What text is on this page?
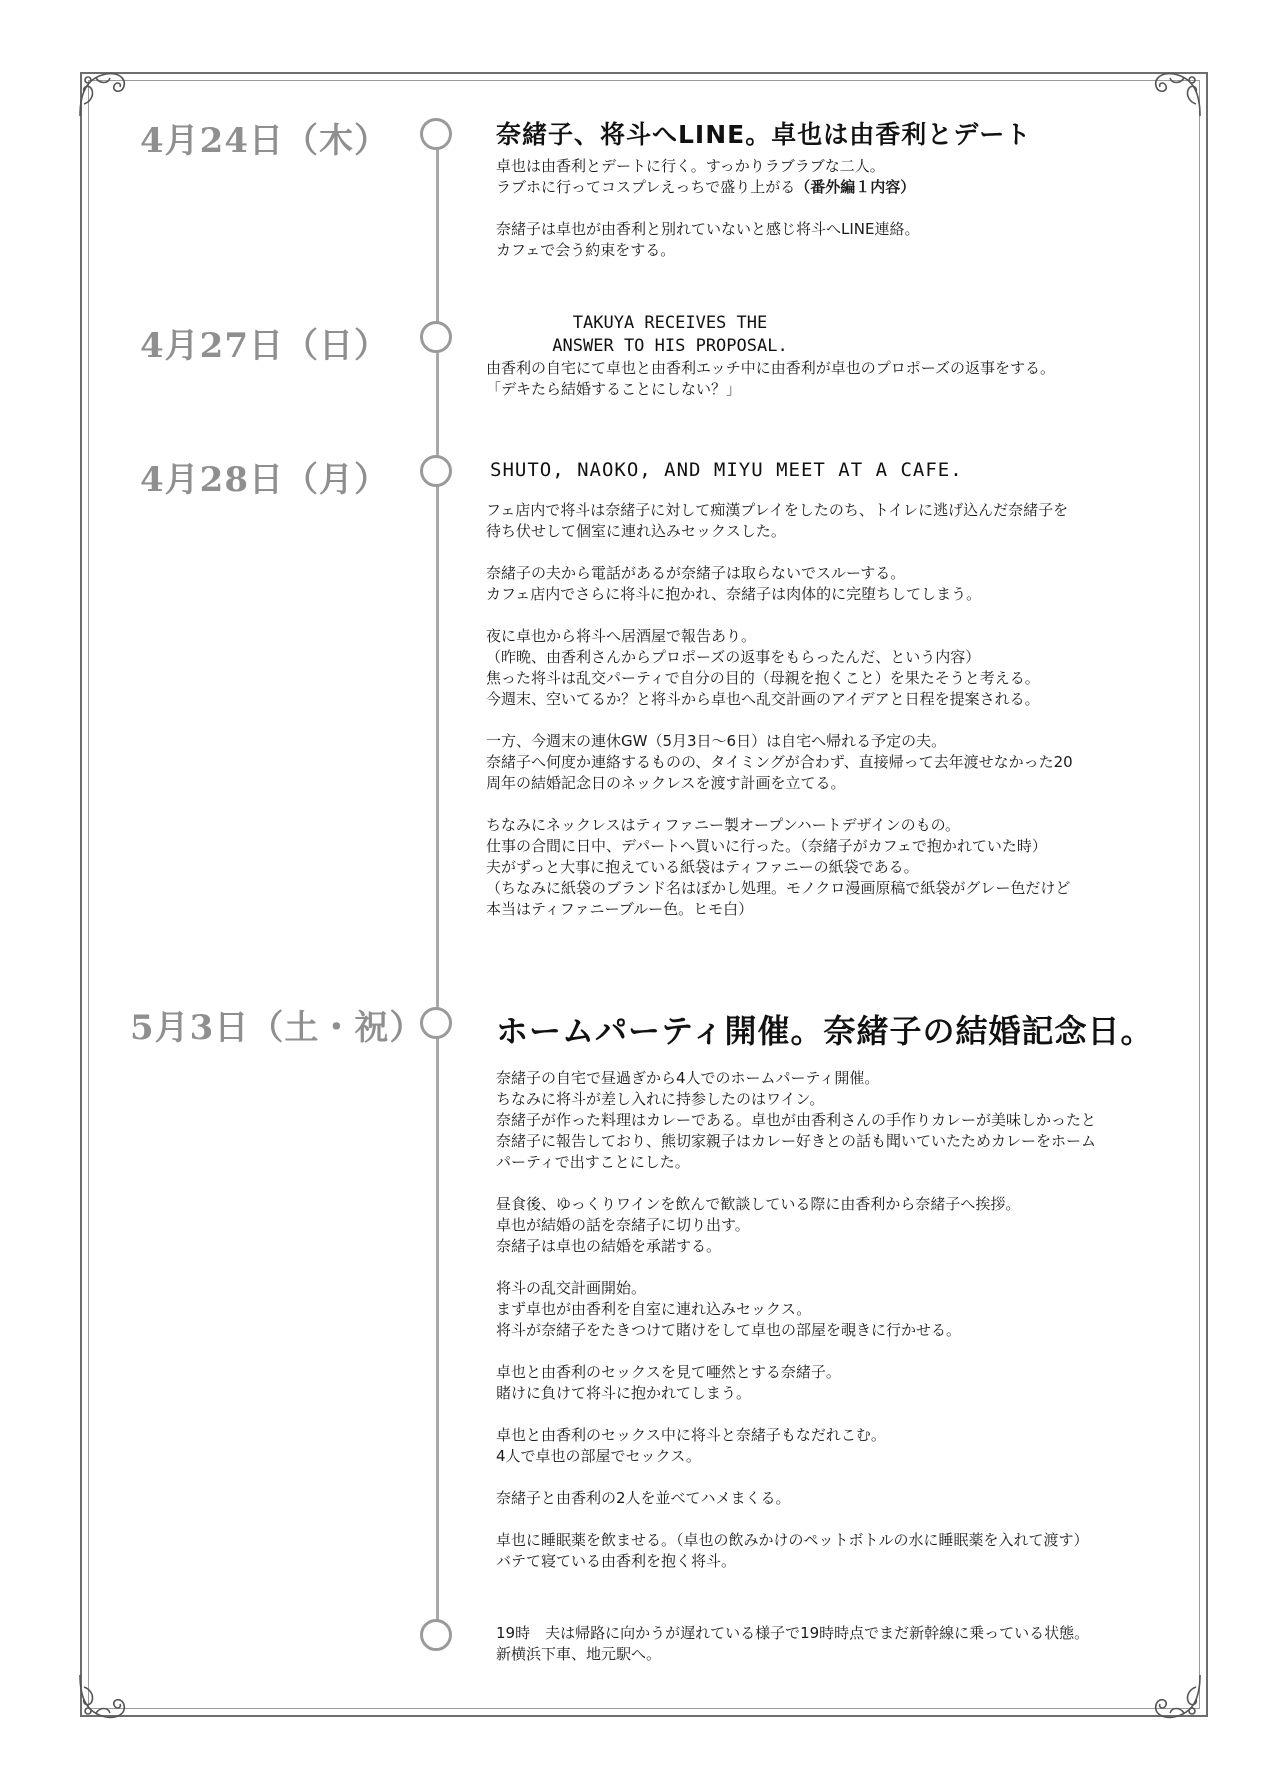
4月24日（木）	奈緒子、将斗へLINE。卓也は由香利とデート

卓也は由香利とデートに行く。すっかりラブラブな二人。

ラブホに行ってコスプレえっちで盛り上がる（番外編１内容）

奈緒子は卓也が由香利と別れていないと感じ将斗へLINE連絡。

カフェで会う約束をする。

4月27日（日）
TAKUYA RECEIVES THE
ANSWER TO HIS PROPOSAL.

由香利の自宅にて卓也と由香利エッチ中に由香利が卓也のプロポーズの返事をする。

「デキたら結婚することにしない？」

4月28日（月）	SHUTO, NAOKO, AND MIYU MEET AT A CAFE.

フェ店内で将斗は奈緒子に対して痴漢プレイをしたのち、トイレに逃げ込んだ奈緒子を

待ち伏せして個室に連れ込みセックスした。

奈緒子の夫から電話があるが奈緒子は取らないでスルーする。

カフェ店内でさらに将斗に抱かれ、奈緒子は肉体的に完堕ちしてしまう。

夜に卓也から将斗へ居酒屋で報告あり。

（昨晩、由香利さんからプロポーズの返事をもらったんだ、という内容）

焦った将斗は乱交パーティで自分の目的（母親を抱くこと）を果たそうと考える。

今週末、空いてるか？と将斗から卓也へ乱交計画のアイデアと日程を提案される。

一方、今週末の連休GW（5月3日〜6日）は自宅へ帰れる予定の夫。

奈緒子へ何度か連絡するものの、タイミングが合わず、直接帰って去年渡せなかった20

周年の結婚記念日のネックレスを渡す計画を立てる。

ちなみにネックレスはティファニー製オープンハートデザインのもの。

仕事の合間に日中、デパートへ買いに行った。（奈緒子がカフェで抱かれていた時）

夫がずっと大事に抱えている紙袋はティファニーの紙袋である。

（ちなみに紙袋のブランド名はぼかし処理。モノクロ漫画原稿で紙袋がグレー色だけど

本当はティファニーブルー色。ヒモ白）

5月3日（土・祝） ホームパーティ開催。奈緒子の結婚記念日。

奈緒子の自宅で昼過ぎから4人でのホームパーティ開催。

ちなみに将斗が差し入れに持参したのはワイン。

奈緒子が作った料理はカレーである。卓也が由香利さんの手作りカレーが美味しかったと

奈緒子に報告しており、熊切家親子はカレー好きとの話も聞いていたためカレーをホーム

パーティで出すことにした。

昼食後、ゆっくりワインを飲んで歓談している際に由香利から奈緒子へ挨拶。

卓也が結婚の話を奈緒子に切り出す。

奈緒子は卓也の結婚を承諾する。

将斗の乱交計画開始。

まず卓也が由香利を自室に連れ込みセックス。

将斗が奈緒子をたきつけて賭けをして卓也の部屋を覗きに行かせる。

卓也と由香利のセックスを見て唖然とする奈緒子。

賭けに負けて将斗に抱かれてしまう。

卓也と由香利のセックス中に将斗と奈緒子もなだれこむ。

4人で卓也の部屋でセックス。

奈緒子と由香利の2人を並べてハメまくる。

卓也に睡眠薬を飲ませる。（卓也の飲みかけのペットボトルの水に睡眠薬を入れて渡す）

バテて寝ている由香利を抱く将斗。

19時　夫は帰路に向かうが遅れている様子で19時時点でまだ新幹線に乗っている状態。

新横浜下車、地元駅へ。
